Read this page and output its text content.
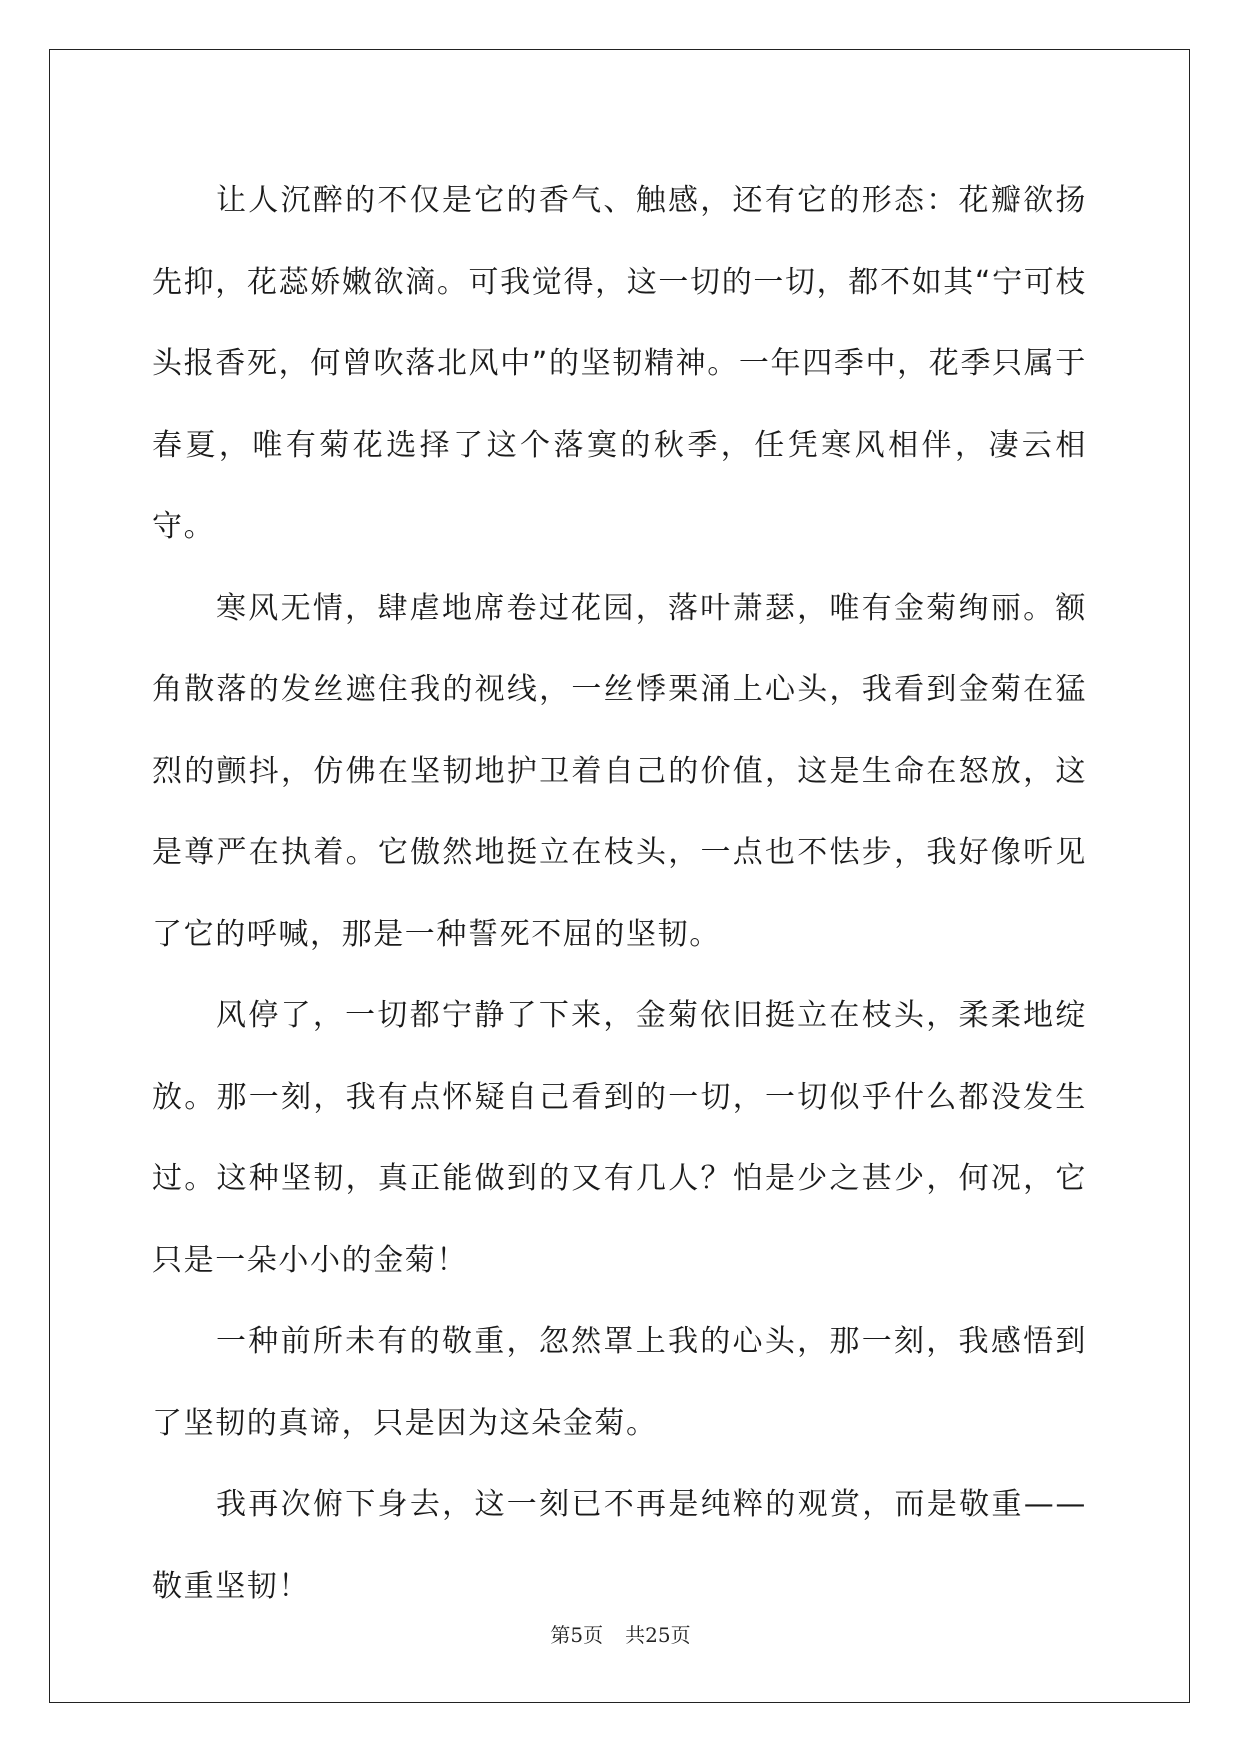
让人沉醉的不仅是它的香气、触感，还有它的形态：花瓣欲扬先抑，花蕊娇嫩欲滴。可我觉得，这一切的一切，都不如其“宁可枝头报香死，何曾吹落北风中”的坚韧精神。一年四季中，花季只属于春夏，唯有菊花选择了这个落寞的秋季，任凭寒风相伴，凄云相守。

寒风无情，肆虐地席卷过花园，落叶萧瑟，唯有金菊绚丽。额角散落的发丝遮住我的视线，一丝悸栗涌上心头，我看到金菊在猛烈的颤抖，仿佛在坚韧地护卫着自己的价值，这是生命在怒放，这是尊严在执着。它傲然地挺立在枝头，一点也不怯步，我好像听见了它的呼喊，那是一种誓死不屈的坚韧。

风停了，一切都宁静了下来，金菊依旧挺立在枝头，柔柔地绽放。那一刻，我有点怀疑自己看到的一切，一切似乎什么都没发生过。这种坚韧，真正能做到的又有几人？怕是少之甚少，何况，它只是一朵小小的金菊！

一种前所未有的敬重，忽然罩上我的心头，那一刻，我感悟到了坚韧的真谛，只是因为这朵金菊。

我再次俯下身去，这一刻已不再是纯粹的观赏，而是敬重——敬重坚韧！

第5页 共25页
